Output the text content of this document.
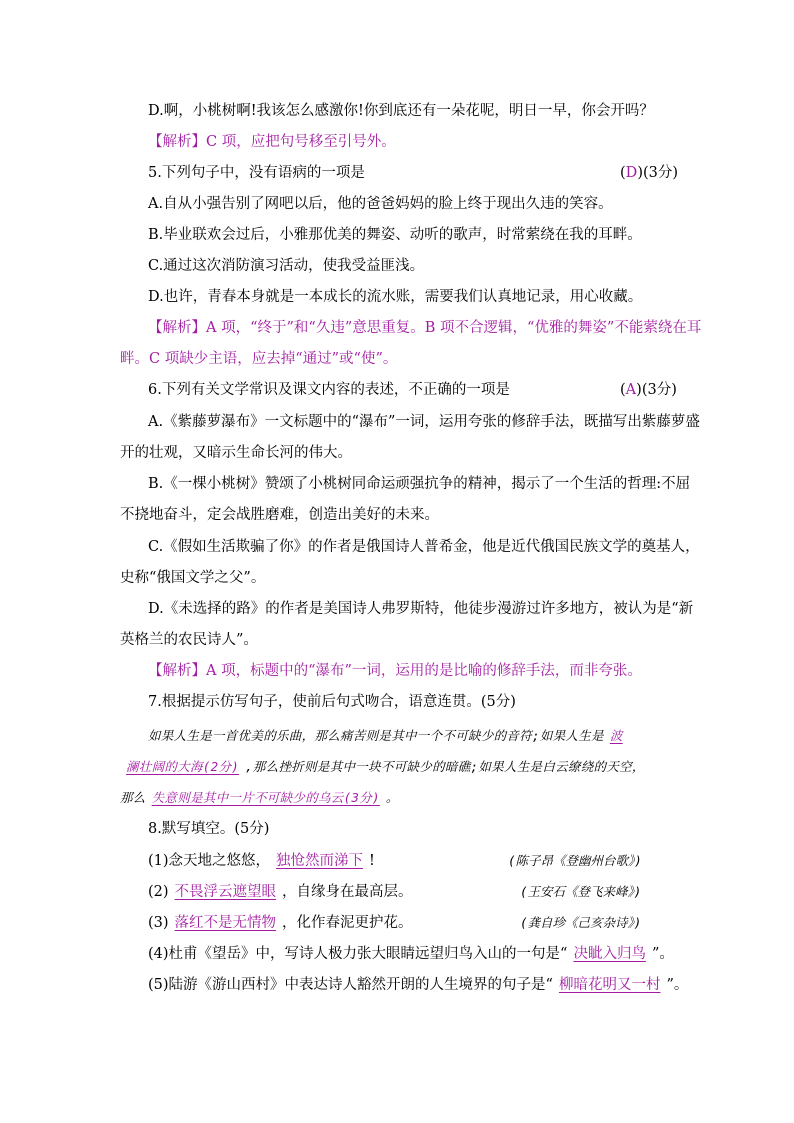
D.啊，小桃树啊!我该怎么感激你!你到底还有一朵花呢，明日一早，你会开吗？
【解析】C 项，应把句号移至引号外。
5.下列句子中，没有语病的一项是	(D)(3分)
A.自从小强告别了网吧以后，他的爸爸妈妈的脸上终于现出久违的笑容。
B.毕业联欢会过后，小雅那优美的舞姿、动听的歌声，时常萦绕在我的耳畔。
C.通过这次消防演习活动，使我受益匪浅。
D.也许，青春本身就是一本成长的流水账，需要我们认真地记录，用心收藏。
【解析】A 项，“终于”和“久违”意思重复。B 项不合逻辑，“优雅的舞姿”不能萦绕在耳
畔。C 项缺少主语，应去掉“通过”或“使”。
6.下列有关文学常识及课文内容的表述，不正确的一项是	(A)(3分)
A.《紫藤萝瀑布》一文标题中的“瀑布”一词，运用夸张的修辞手法，既描写出紫藤萝盛
开的壮观，又暗示生命长河的伟大。
B.《一棵小桃树》赞颂了小桃树同命运顽强抗争的精神，揭示了一个生活的哲理:不屈
不挠地奋斗，定会战胜磨难，创造出美好的未来。
C.《假如生活欺骗了你》的作者是俄国诗人普希金，他是近代俄国民族文学的奠基人，
史称“俄国文学之父”。
D.《未选择的路》的作者是美国诗人弗罗斯特，他徒步漫游过许多地方，被认为是“新
英格兰的农民诗人”。
【解析】A 项，标题中的“瀑布”一词，运用的是比喻的修辞手法，而非夸张。
7.根据提示仿写句子，使前后句式吻合，语意连贯。(5分)
如果人生是一首优美的乐曲，那么痛苦则是其中一个不可缺少的音符;如果人生是 波
澜壮阔的大海(2分) ,那么挫折则是其中一块不可缺少的暗礁;如果人生是白云缭绕的天空，
那么 失意则是其中一片不可缺少的乌云(3分) 。
8.默写填空。(5分)
(1)念天地之悠悠， 独怆然而涕下 !	(陈子昂《登幽州台歌》)
(2) 不畏浮云遮望眼 ，自缘身在最高层。	(王安石《登飞来峰》)
(3) 落红不是无情物 ，化作春泥更护花。	(龚自珍《己亥杂诗》)
(4)杜甫《望岳》中，写诗人极力张大眼睛远望归鸟入山的一句是“ 决眦入归鸟 ”。
(5)陆游《游山西村》中表达诗人豁然开朗的人生境界的句子是“ 柳暗花明又一村 ”。
